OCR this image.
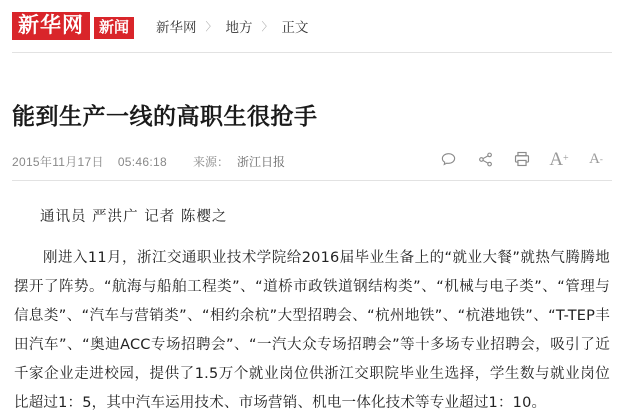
新华网	新闻	新华网 〉 地方 〉 正文
能到生产一线的高职生很抢手
2015年11月17日 05:46:18 来源： 浙江日报	A + A -
通讯员 严洪广 记者 陈樱之

刚进入11月，浙江交通职业技术学院给2016届毕业生备上的“就业大餐”就热气腾腾地摆开了阵势。“航海与船舶工程类”、“道桥市政铁道钢结构类”、“机械与电子类”、“管理与信息类”、“汽车与营销类”、“相约余杭”大型招聘会、“杭州地铁”、“杭港地铁”、“T-TEP丰田汽车”、“奥迪ACC专场招聘会”、“一汽大众专场招聘会”等十多场专业招聘会，吸引了近千家企业走进校园，提供了1.5万个就业岗位供浙江交职院毕业生选择，学生数与就业岗位比超过1：5，其中汽车运用技术、市场营销、机电一体化技术等专业超过1：10。
